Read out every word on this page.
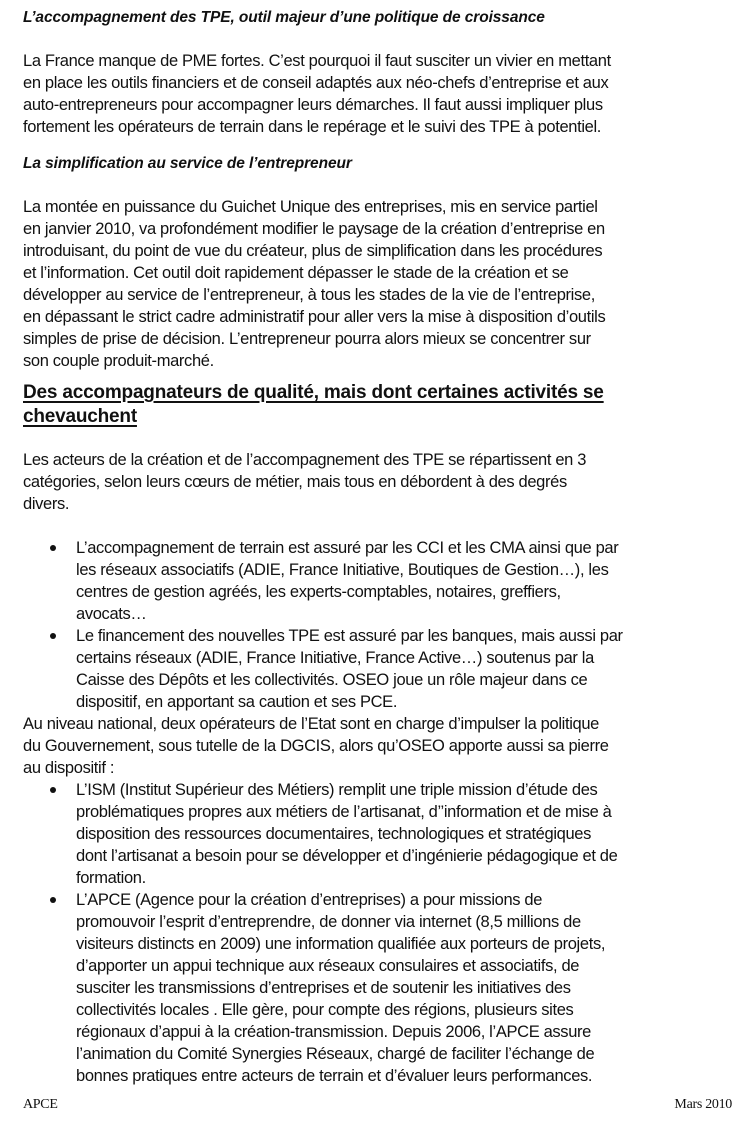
L’accompagnement des TPE, outil majeur d’une politique de croissance
La France manque de PME fortes. C’est pourquoi il faut susciter un vivier en mettant
en place les outils financiers et de conseil adaptés aux néo-chefs d’entreprise et aux
auto-entrepreneurs pour accompagner leurs démarches. Il faut aussi impliquer plus
fortement les opérateurs de terrain dans le repérage et le suivi des TPE à potentiel.
La simplification au service de l’entrepreneur
La montée en puissance du Guichet Unique des entreprises, mis en service partiel
en janvier 2010, va profondément modifier le paysage de la création d’entreprise en
introduisant, du point de vue du créateur, plus de simplification dans les procédures
et l’information. Cet outil doit rapidement dépasser le stade de la création et se
développer au service de l’entrepreneur, à tous les stades de la vie de l’entreprise,
en dépassant le strict cadre administratif pour aller vers la mise à disposition d’outils
simples de prise de décision. L’entrepreneur pourra alors mieux se concentrer sur
son couple produit-marché.
Des accompagnateurs de qualité, mais dont certaines activités se
chevauchent
Les acteurs de la création et de l’accompagnement des TPE se répartissent en 3
catégories, selon leurs cœurs de métier, mais tous en débordent à des degrés
divers.
L’accompagnement de terrain est assuré par les CCI et les CMA ainsi que par
les réseaux associatifs (ADIE, France Initiative, Boutiques de Gestion…), les
centres de gestion agréés, les experts-comptables, notaires, greffiers,
avocats…
Le financement des nouvelles TPE est assuré par les banques, mais aussi par
certains réseaux (ADIE, France Initiative, France Active…) soutenus par la
Caisse des Dépôts et les collectivités. OSEO joue un rôle majeur dans ce
dispositif, en apportant sa caution et ses PCE.
Au niveau national, deux opérateurs de l’Etat sont en charge d’impulser la politique
du Gouvernement, sous tutelle de la DGCIS, alors qu’OSEO apporte aussi sa pierre
au dispositif :
L’ISM (Institut Supérieur des Métiers) remplit une triple mission d’étude des
problématiques propres aux métiers de l’artisanat, d’’information et de mise à
disposition des ressources documentaires, technologiques et stratégiques
dont l’artisanat a besoin pour se développer et d’ingénierie pédagogique et de
formation.
L’APCE (Agence pour la création d’entreprises) a pour missions de
promouvoir l’esprit d’entreprendre, de donner via internet (8,5 millions de
visiteurs distincts en 2009) une information qualifiée aux porteurs de projets,
d’apporter un appui technique aux réseaux consulaires et associatifs, de
susciter les transmissions d’entreprises et de soutenir les initiatives des
collectivités locales . Elle gère, pour compte des régions, plusieurs sites
régionaux d’appui à la création-transmission. Depuis 2006, l’APCE assure
l’animation du Comité Synergies Réseaux, chargé de faciliter l’échange de
bonnes pratiques entre acteurs de terrain et d’évaluer leurs performances.
APCE	Mars 2010
